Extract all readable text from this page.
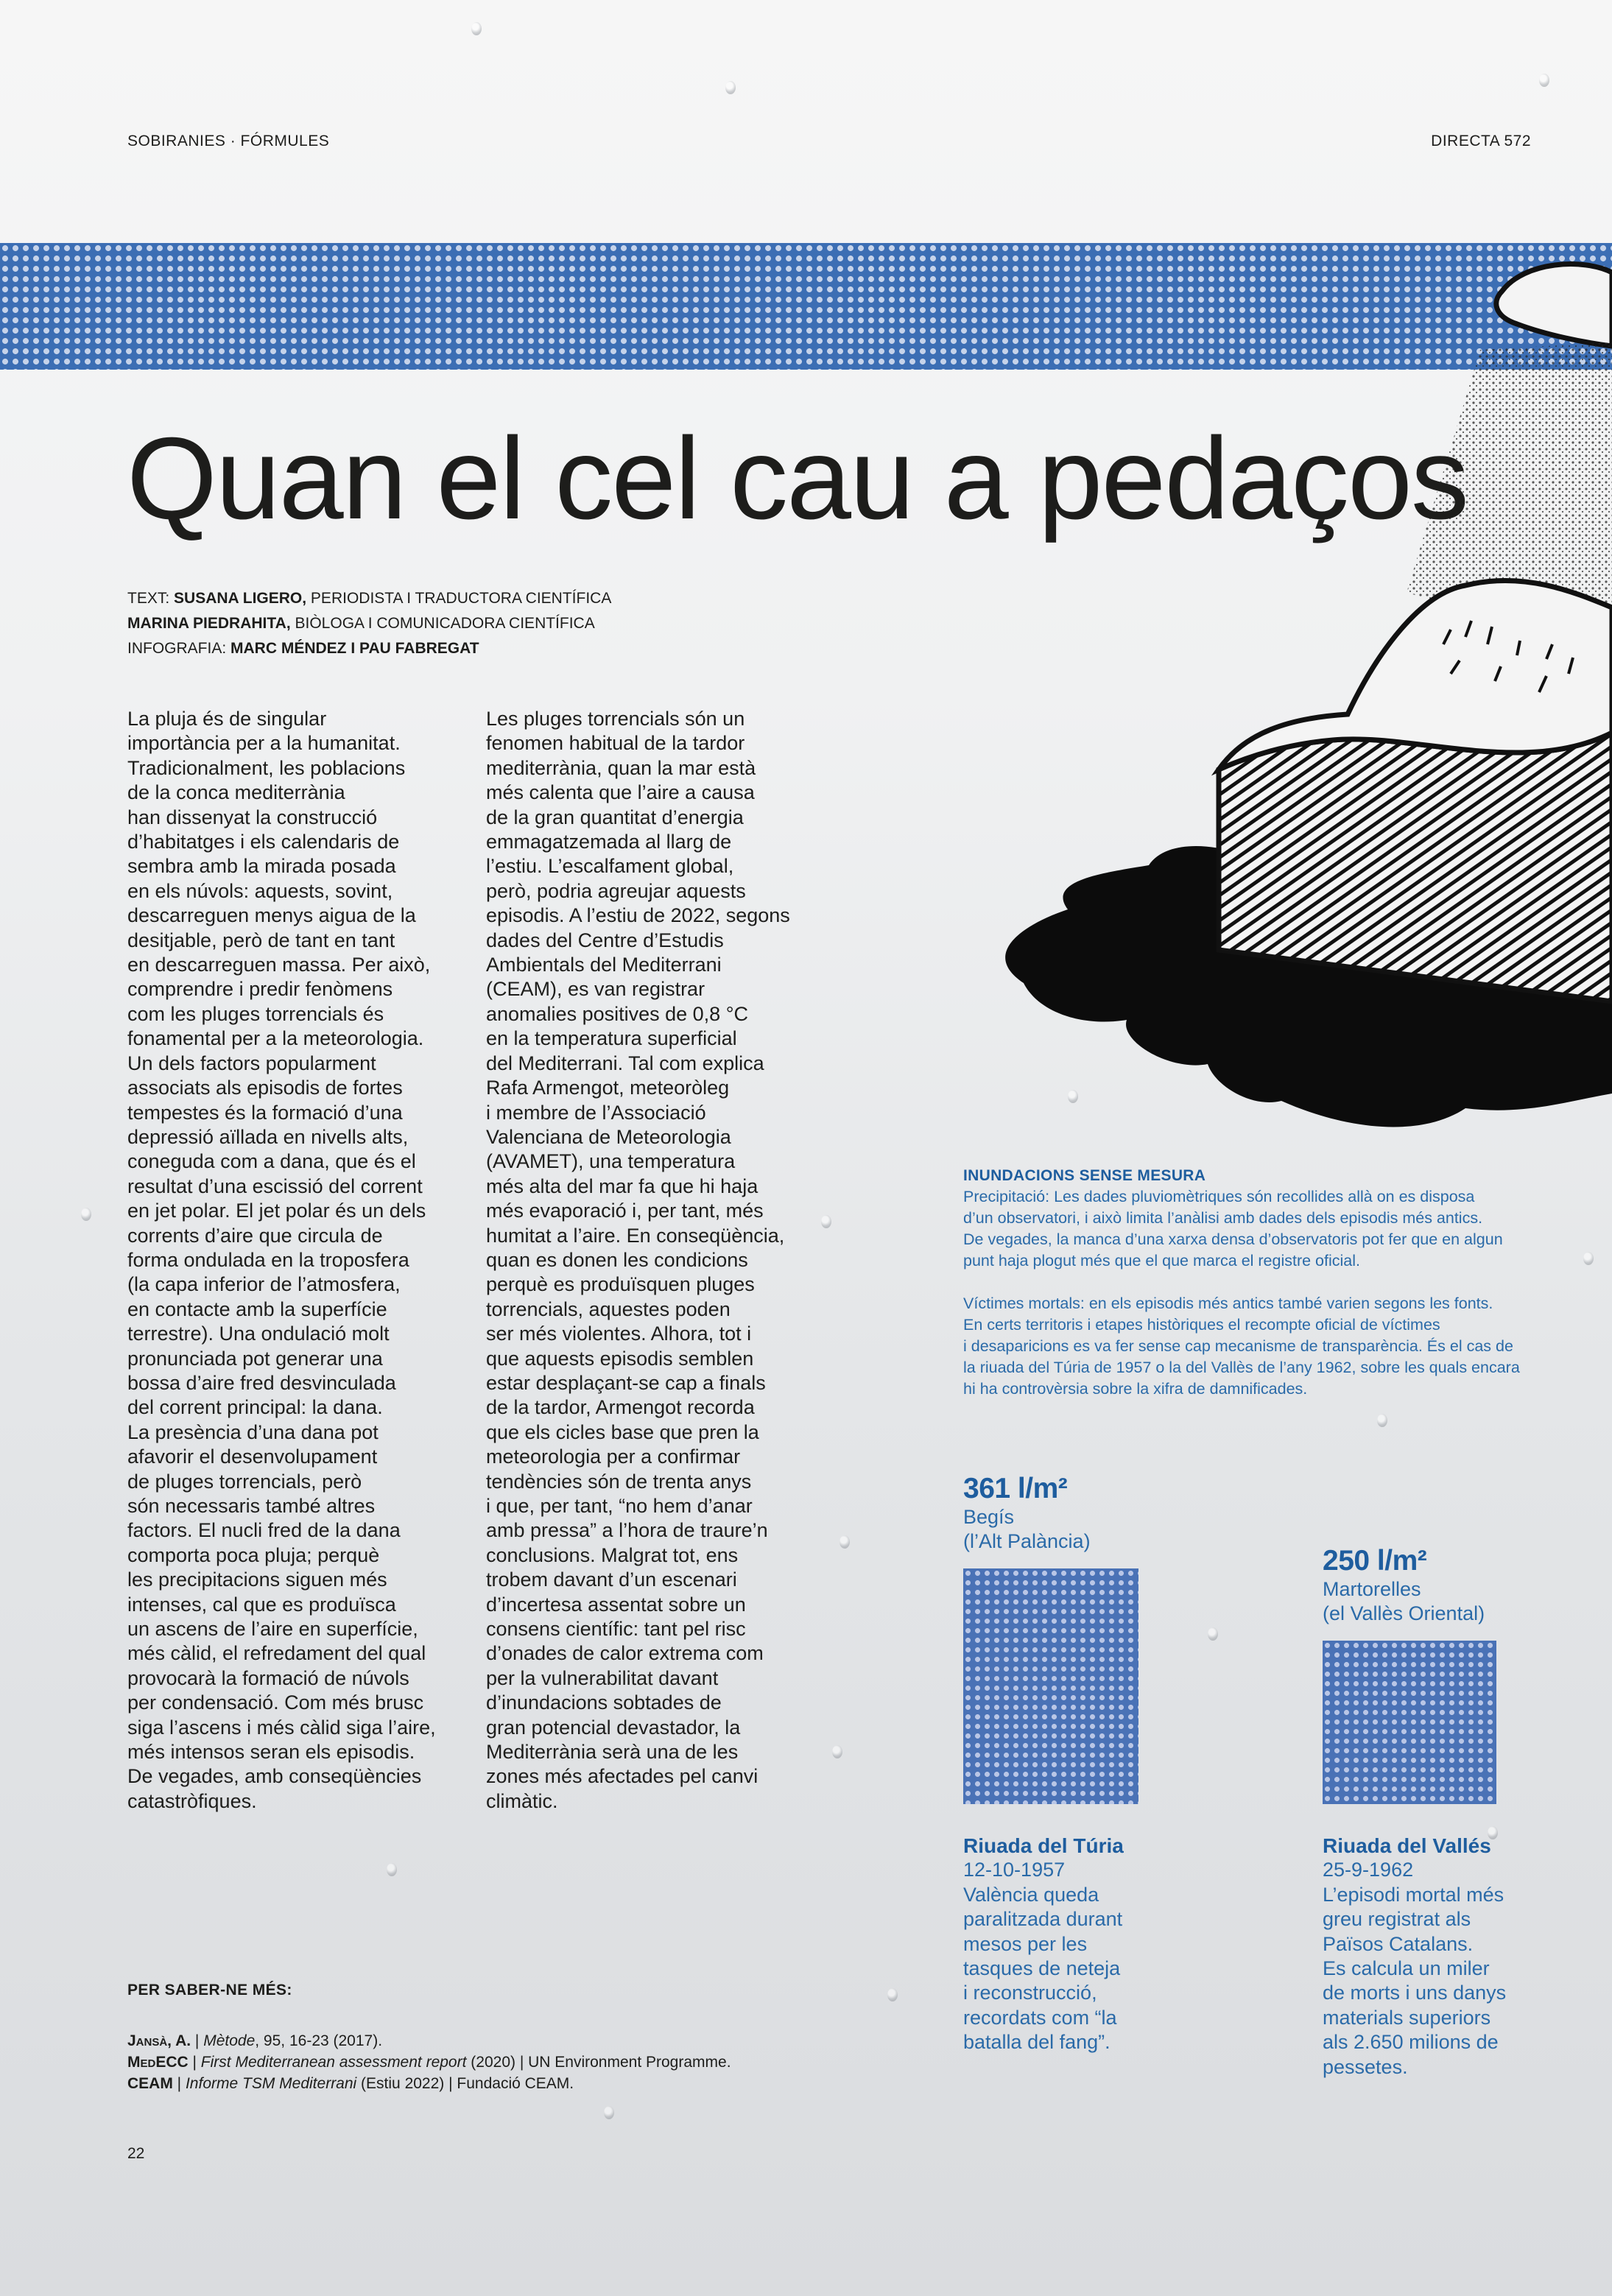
SOBIRANIES · FÓRMULES	DIRECTA 572
Quan el cel cau a pedaços
TEXT: SUSANA LIGERO, PERIODISTA I TRADUCTORA CIENTÍFICA
MARINA PIEDRAHITA, BIÒLOGA I COMUNICADORA CIENTÍFICA
INFOGRAFIA: MARC MÉNDEZ I PAU FABREGAT
La pluja és de singular
importància per a la humanitat.
Tradicionalment, les poblacions
de la conca mediterrània
han dissenyat la construcció
d’habitatges i els calendaris de
sembra amb la mirada posada
en els núvols: aquests, sovint,
descarreguen menys aigua de la
desitjable, però de tant en tant
en descarreguen massa. Per això,
comprendre i predir fenòmens
com les pluges torrencials és
fonamental per a la meteorologia.
Un dels factors popularment
associats als episodis de fortes
tempestes és la formació d’una
depressió aïllada en nivells alts,
coneguda com a dana, que és el
resultat d’una escissió del corrent
en jet polar. El jet polar és un dels
corrents d’aire que circula de
forma ondulada en la troposfera
(la capa inferior de l’atmosfera,
en contacte amb la superfície
terrestre). Una ondulació molt
pronunciada pot generar una
bossa d’aire fred desvinculada
del corrent principal: la dana.
La presència d’una dana pot
afavorir el desenvolupament
de pluges torrencials, però
són necessaris també altres
factors. El nucli fred de la dana
comporta poca pluja; perquè
les precipitacions siguen més
intenses, cal que es produïsca
un ascens de l’aire en superfície,
més càlid, el refredament del qual
provocarà la formació de núvols
per condensació. Com més brusc
siga l’ascens i més càlid siga l’aire,
més intensos seran els episodis.
De vegades, amb conseqüències
catastròfiques.
Les pluges torrencials són un
fenomen habitual de la tardor
mediterrània, quan la mar està
més calenta que l’aire a causa
de la gran quantitat d’energia
emmagatzemada al llarg de
l’estiu. L’escalfament global,
però, podria agreujar aquests
episodis. A l’estiu de 2022, segons
dades del Centre d’Estudis
Ambientals del Mediterrani
(CEAM), es van registrar
anomalies positives de 0,8 °C
en la temperatura superficial
del Mediterrani. Tal com explica
Rafa Armengot, meteoròleg
i membre de l’Associació
Valenciana de Meteorologia
(AVAMET), una temperatura
més alta del mar fa que hi haja
més evaporació i, per tant, més
humitat a l’aire. En conseqüència,
quan es donen les condicions
perquè es produïsquen pluges
torrencials, aquestes poden
ser més violentes. Alhora, tot i
que aquests episodis semblen
estar desplaçant-se cap a finals
de la tardor, Armengot recorda
que els cicles base que pren la
meteorologia per a confirmar
tendències són de trenta anys
i que, per tant, “no hem d’anar
amb pressa” a l’hora de traure’n
conclusions. Malgrat tot, ens
trobem davant d’un escenari
d’incertesa assentat sobre un
consens científic: tant pel risc
d’onades de calor extrema com
per la vulnerabilitat davant
d’inundacions sobtades de
gran potencial devastador, la
Mediterrània serà una de les
zones més afectades pel canvi
climàtic.
INUNDACIONS SENSE MESURA

Precipitació: Les dades pluviomètriques són recollides allà on es disposa
d’un observatori, i això limita l’anàlisi amb dades dels episodis més antics.
De vegades, la manca d’una xarxa densa d’observatoris pot fer que en algun
punt haja plogut més que el que marca el registre oficial.

Víctimes mortals: en els episodis més antics també varien segons les fonts.
En certs territoris i etapes històriques el recompte oficial de víctimes
i desaparicions es va fer sense cap mecanisme de transparència. És el cas de
la riuada del Túria de 1957 o la del Vallès de l’any 1962, sobre les quals encara
hi ha controvèrsia sobre la xifra de damnificades.

361 l/m²
Begís
(l’Alt Palància)
250 l/m²
Martorelles
(el Vallès Oriental)
Riuada del Túria
12-10-1957
València queda
paralitzada durant
mesos per les
tasques de neteja
i reconstrucció,
recordats com “la
batalla del fang”.
Riuada del Vallés
25-9-1962
L’episodi mortal més
greu registrat als
Països Catalans.
Es calcula un miler
de morts i uns danys
materials superiors
als 2.650 milions de
pessetes.
PER SABER-NE MÉS:
Jansà, A. | Mètode, 95, 16-23 (2017).
MedECC | First Mediterranean assessment report (2020) | UN Environment Programme.
CEAM | Informe TSM Mediterrani (Estiu 2022) | Fundació CEAM.
22
